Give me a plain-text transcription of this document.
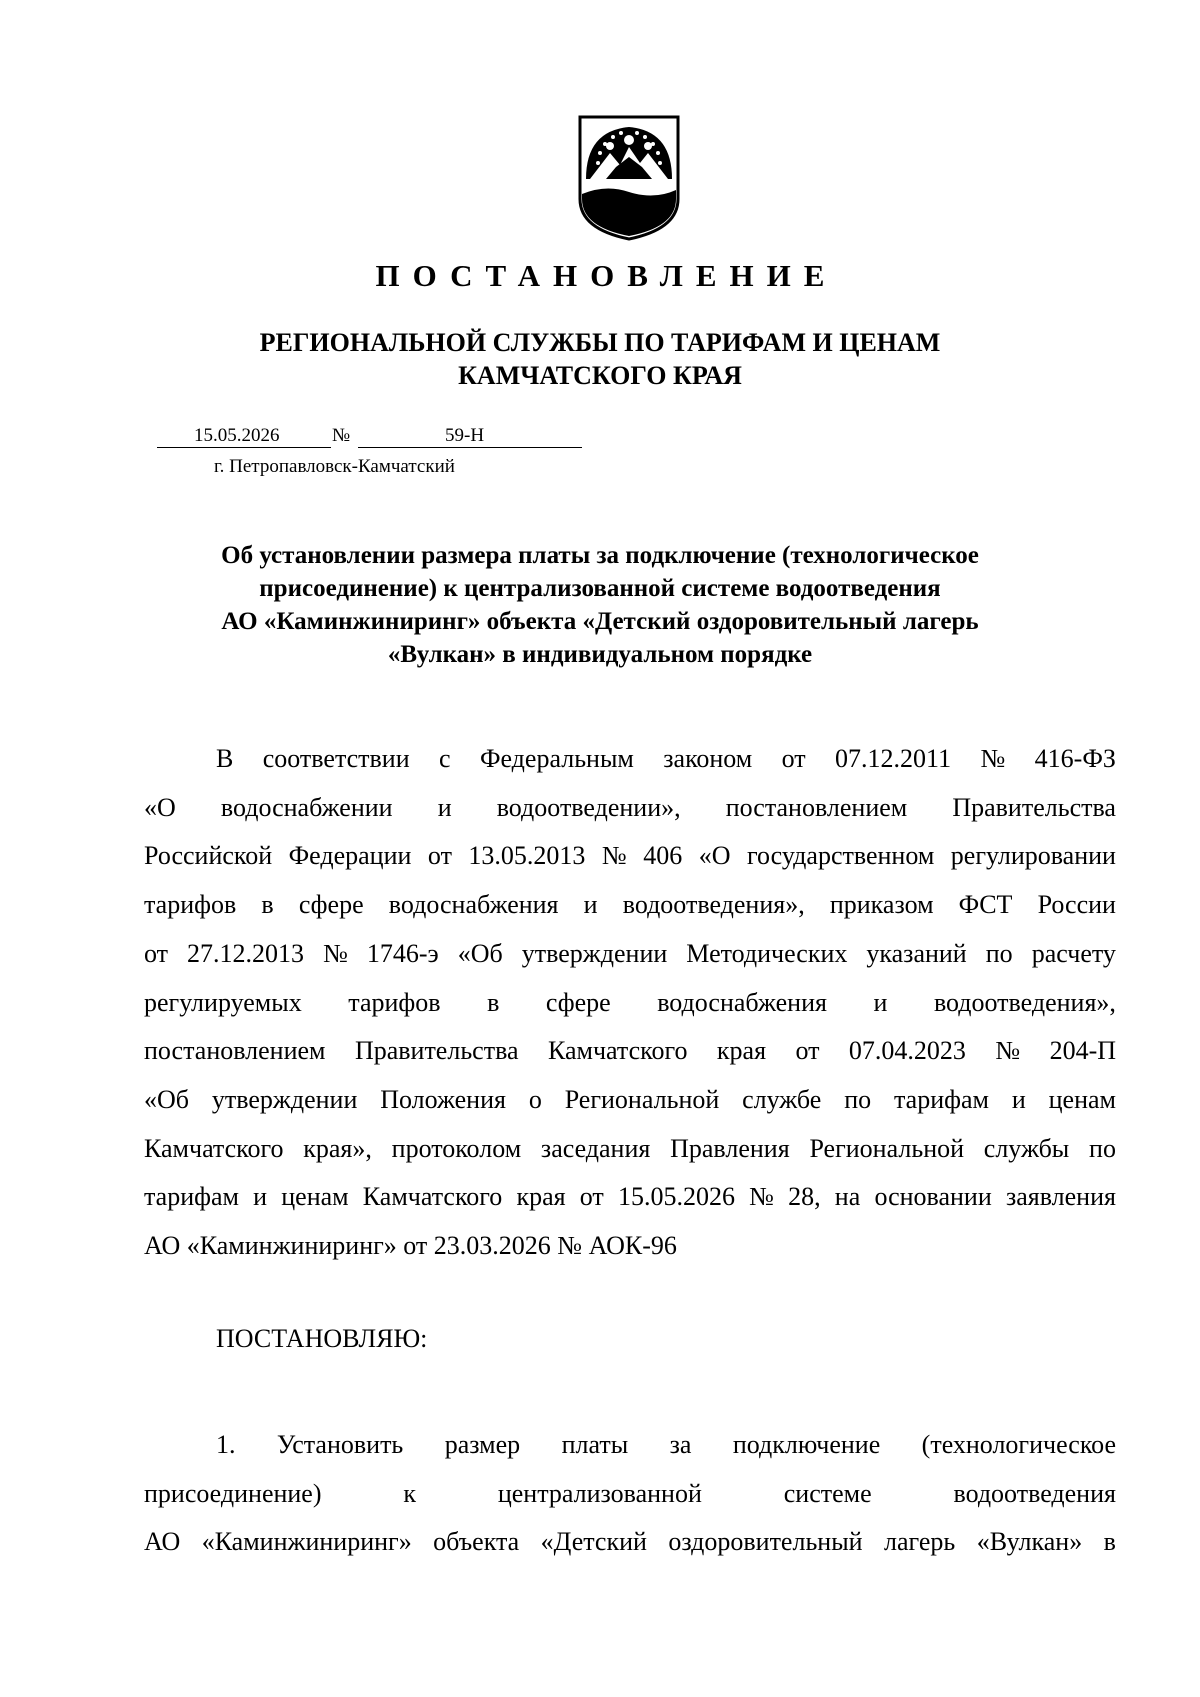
ПОСТАНОВЛЕНИЕ
РЕГИОНАЛЬНОЙ СЛУЖБЫ ПО ТАРИФАМ И ЦЕНАМ
КАМЧАТСКОГО КРАЯ
15.05.2026	№	59-Н
г. Петропавловск-Камчатский
Об установлении размера платы за подключение (технологическое
присоединение) к централизованной системе водоотведения
АО «Каминжиниринг» объекта «Детский оздоровительный лагерь
«Вулкан» в индивидуальном порядке
В соответствии с Федеральным законом от 07.12.2011 № 416-ФЗ
«О водоснабжении и водоотведении», постановлением Правительства
Российской Федерации от 13.05.2013 № 406 «О государственном регулировании
тарифов в сфере водоснабжения и водоотведения», приказом ФСТ России
от 27.12.2013 № 1746-э «Об утверждении Методических указаний по расчету
регулируемых тарифов в сфере водоснабжения и водоотведения»,
постановлением Правительства Камчатского края от 07.04.2023 № 204-П
«Об утверждении Положения о Региональной службе по тарифам и ценам
Камчатского края», протоколом заседания Правления Региональной службы по
тарифам и ценам Камчатского края от 15.05.2026 № 28, на основании заявления
АО «Каминжиниринг» от 23.03.2026 № АОК-96
ПОСТАНОВЛЯЮ:
1. Установить размер платы за подключение (технологическое
присоединение)	к	централизованной	системе	водоотведения
АО «Каминжиниринг» объекта «Детский оздоровительный лагерь «Вулкан» в
